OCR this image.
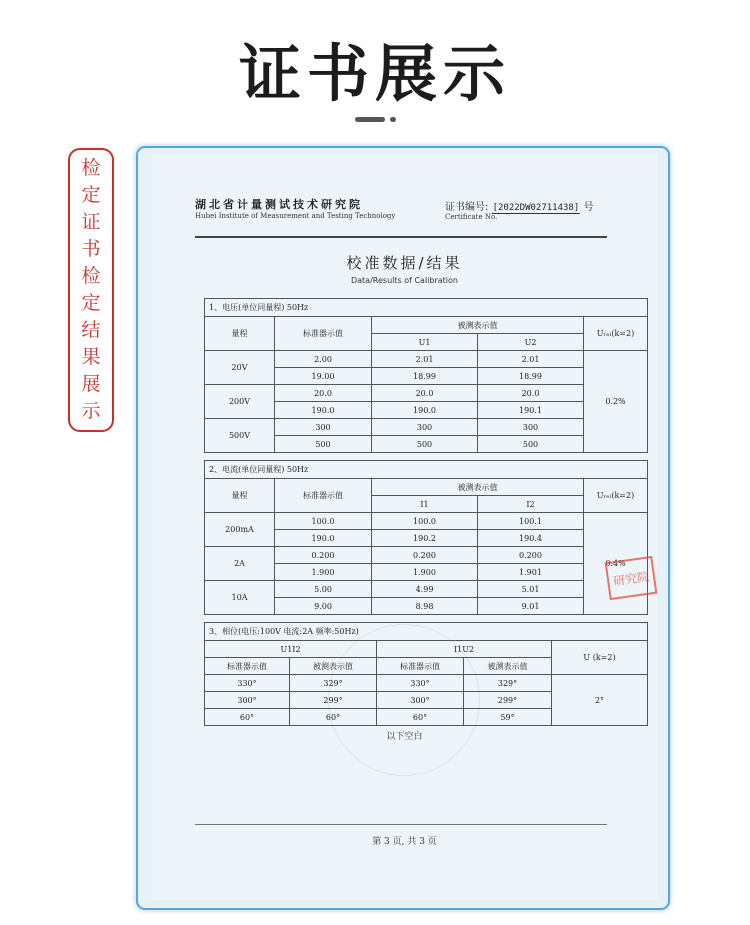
证书展示
检
定
证
书
检
定
结
果
展
示
湖北省计量测试技术研究院
Hubei Institute of Measurement and Testing Technology
证书编号: [2022DW02711438] 号
Certificate No.
校准数据/结果
Data/Results of Calibration
1、电压(单位同量程) 50Hz				
量程	标准器示值	被测表示值		Uᵣₑₗ(k=2)
		U1	U2	
20V	2.00	2.01	2.01	0.2%
	19.00	18.99	18.99	
200V	20.0	20.0	20.0	
	190.0	190.0	190.1	
500V	300	300	300	
	500	500	500	
2、电流(单位同量程) 50Hz				
量程	标准器示值	被测表示值		Uᵣₑₗ(k=2)
		I1	I2	
200mA	100.0	100.0	100.1	0.4%
	190.0	190.2	190.4	
2A	0.200	0.200	0.200	
	1.900	1.900	1.901	
10A	5.00	4.99	5.01	
	9.00	8.98	9.01	
3、相位(电压:100V 电流:2A 频率:50Hz)				
U1I2		I1U2		U (k=2)
标准器示值	被测表示值	标准器示值	被测表示值	
330°	329°	330°	329°	2°
300°	299°	300°	299°	
60°	60°	60°	59°	
以下空白
第 3 页, 共 3 页
研究院
